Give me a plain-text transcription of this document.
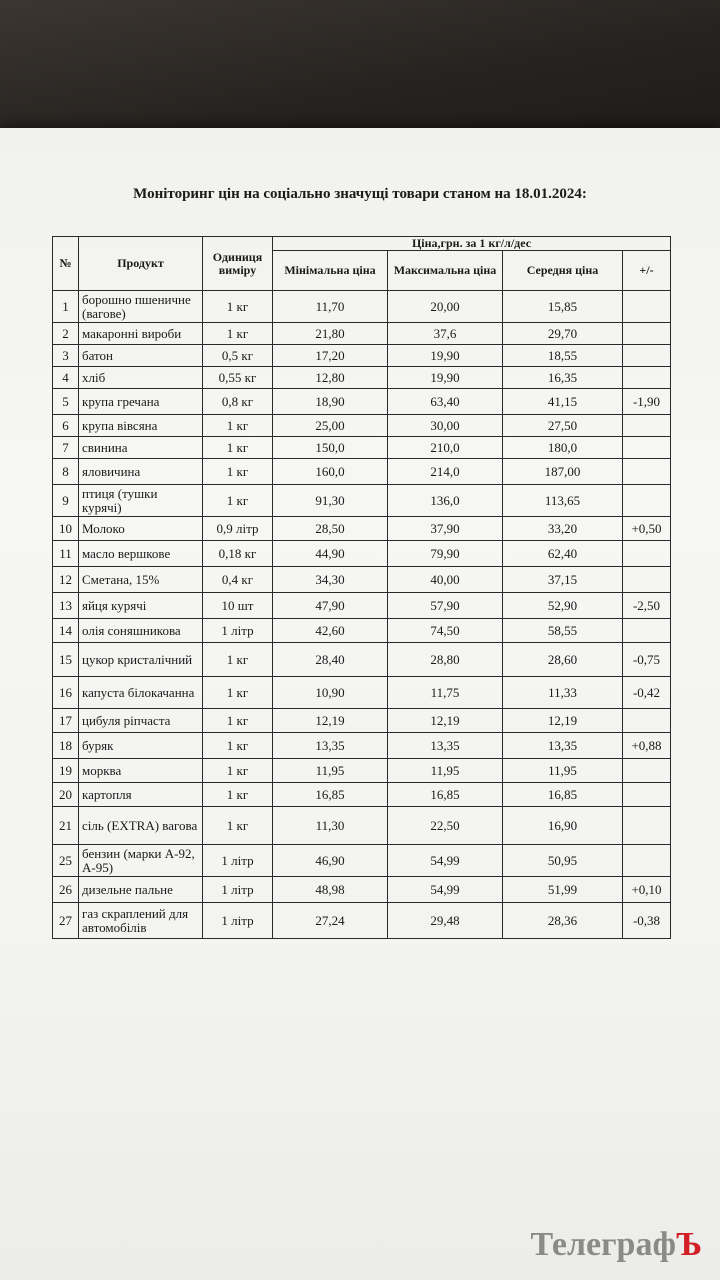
Моніторинг цін на соціально значущі товари станом на 18.01.2024:
№	Продукт	Одиниця виміру	Ціна,грн. за 1 кг/л/дес			
			Мінімальна ціна	Максимальна ціна	Середня ціна	+/-
1	борошно пшеничне (вагове)	1 кг	11,70	20,00	15,85	
2	макаронні вироби	1 кг	21,80	37,6	29,70	
3	батон	0,5 кг	17,20	19,90	18,55	
4	хліб	0,55 кг	12,80	19,90	16,35	
5	крупа гречана	0,8 кг	18,90	63,40	41,15	-1,90
6	крупа вівсяна	1 кг	25,00	30,00	27,50	
7	свинина	1 кг	150,0	210,0	180,0	
8	яловичина	1 кг	160,0	214,0	187,00	
9	птиця (тушки курячі)	1 кг	91,30	136,0	113,65	
10	Молоко	0,9 літр	28,50	37,90	33,20	+0,50
11	масло вершкове	0,18 кг	44,90	79,90	62,40	
12	Сметана, 15%	0,4 кг	34,30	40,00	37,15	
13	яйця курячі	10 шт	47,90	57,90	52,90	-2,50
14	олія соняшникова	1 літр	42,60	74,50	58,55	
15	цукор кристалічний	1 кг	28,40	28,80	28,60	-0,75
16	капуста білокачанна	1 кг	10,90	11,75	11,33	-0,42
17	цибуля ріпчаста	1 кг	12,19	12,19	12,19	
18	буряк	1 кг	13,35	13,35	13,35	+0,88
19	морква	1 кг	11,95	11,95	11,95	
20	картопля	1 кг	16,85	16,85	16,85	
21	сіль (EXTRA) вагова	1 кг	11,30	22,50	16,90	
25	бензин (марки А-92, А-95)	1 літр	46,90	54,99	50,95	
26	дизельне пальне	1 літр	48,98	54,99	51,99	+0,10
27	газ скраплений для автомобілів	1 літр	27,24	29,48	28,36	-0,38
ТелеграфЪ
